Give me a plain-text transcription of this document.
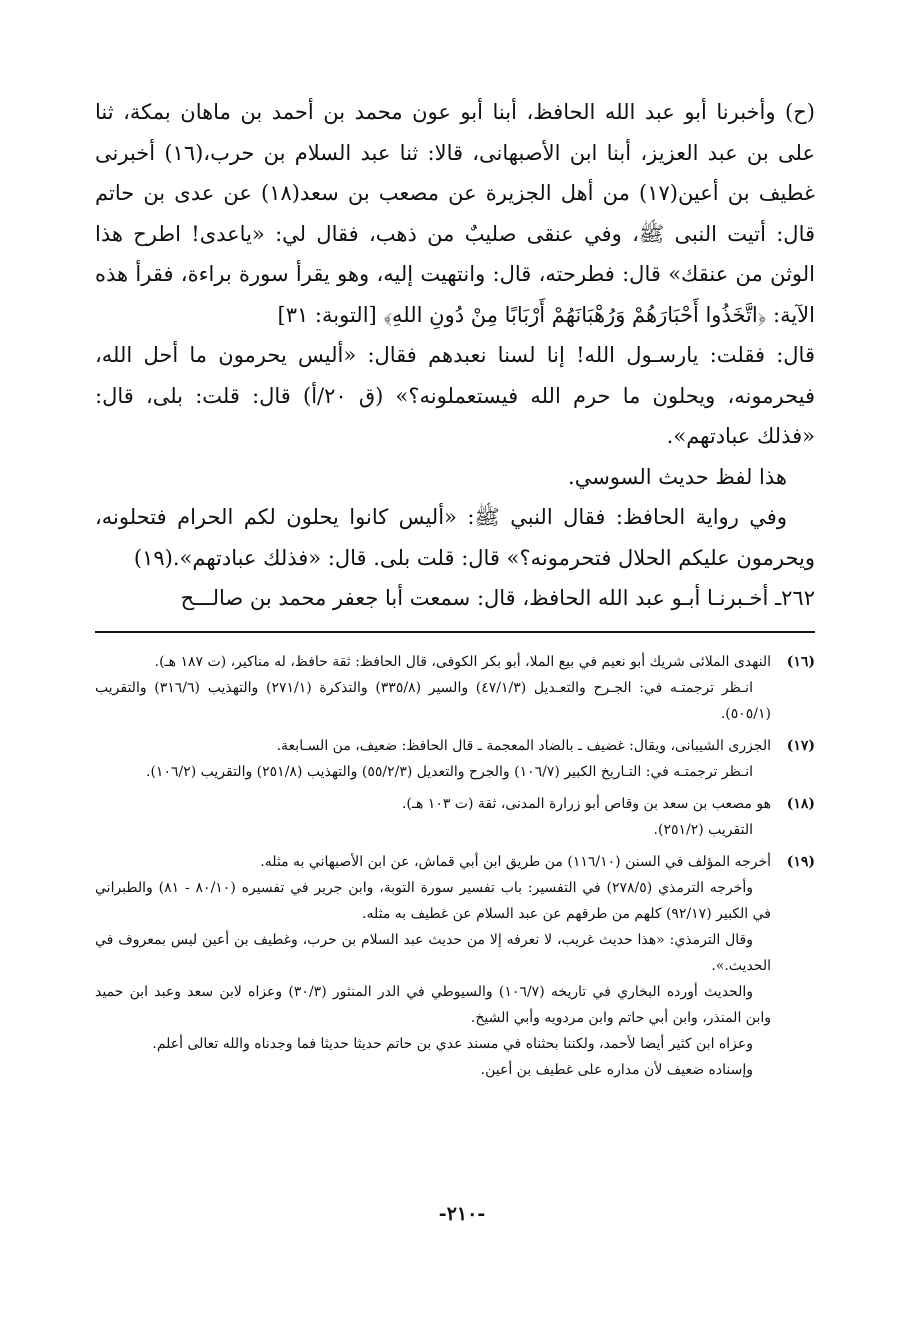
(ح) وأخبرنا أبو عبد الله الحافظ، أبنا أبو عون محمد بن أحمد بن ماهان بمكة، ثنا على بن عبد العزيز، أبنا ابن الأصبهانى، قالا: ثنا عبد السلام بن حرب،(١٦) أخبرنى غطيف بن أعين(١٧) من أهل الجزيرة عن مصعب بن سعد(١٨) عن عدى بن حاتم قال: أتيت النبى ﷺ، وفي عنقى صليبٌ من ذهب، فقال لي: «ياعدى! اطرح هذا الوثن من عنقك» قال: فطرحته، قال: وانتهيت إليه، وهو يقرأ سورة براءة، فقرأ هذه الآية: ﴿اتَّخَذُوا أَحْبَارَهُمْ وَرُهْبَانَهُمْ أَرْبَابًا مِنْ دُونِ اللهِ﴾ [التوبة: ٣١]

قال: فقلت: يارسـول الله! إنا لسنا نعبدهم فقال: «أليس يحرمون ما أحل الله، فيحرمونه، ويحلون ما حرم الله فيستعملونه؟» (ق ٢٠/أ) قال: قلت: بلى، قال: «فذلك عبادتهم».

هذا لفظ حديث السوسي.

وفي رواية الحافظ: فقال النبي ﷺ: «أليس كانوا يحلون لكم الحرام فتحلونه، ويحرمون عليكم الحلال فتحرمونه؟» قال: قلت بلى. قال: «فذلك عبادتهم».(١٩)

٢٦٢ـ أخـبرنـا أبـو عبد الله الحافظ، قال: سمعت أبا جعفر محمد بن صالـــح

(١٦)

النهدى الملائى شريك أبو نعيم في بيع الملا، أبو بكر الكوفى، قال الحافظ: ثقة حافظ، له مناكير، (ت ١٨٧ هـ).

انـظر ترجمتـه في: الجـرح والتعـديل (٤٧/١/٣) والسير (٣٣٥/٨) والتذكرة (٢٧١/١) والتهذيب (٣١٦/٦) والتقريب (٥٠٥/١).

(١٧)

الجزرى الشيبانى، ويقال: غضيف ـ بالضاد المعجمة ـ قال الحافظ: ضعيف، من السـابعة.

انـظر ترجمتـه في: التـاريخ الكبير (١٠٦/٧) والجرح والتعديل (٥٥/٢/٣) والتهذيب (٢٥١/٨) والتقريب (١٠٦/٢).

(١٨)

هو مصعب بن سعد بن وقاص أبو زرارة المدنى، ثقة (ت ١٠٣ هـ).

التقريب (٢٥١/٢).

(١٩)

أخرجه المؤلف في السنن (١١٦/١٠) من طريق ابن أبي قماش، عن ابن الأصبهاني به مثله.

وأخرجه الترمذي (٢٧٨/٥) في التفسير: باب تفسير سورة التوبة، وابن جرير في تفسيره (٨٠/١٠ - ٨١) والطبراني في الكبير (٩٢/١٧) كلهم من طرقهم عن عبد السلام عن غطيف به مثله.

وقال الترمذي: «هذا حديث غريب، لا نعرفه إلا من حديث عبد السلام بن حرب، وغطيف بن أعين ليس بمعروف في الحديث.».

والحديث أورده البخاري في تاريخه (١٠٦/٧) والسيوطي في الدر المنثور (٣٠/٣) وعزاه لابن سعد وعبد ابن حميد وابن المنذر، وابن أبي حاتم وابن مردويه وأبي الشيخ.

وعزاه ابن كثير أيضا لأحمد، ولكننا بحثناه في مسند عدي بن حاتم حديثا حديثا فما وجدناه والله تعالى أعلم.

وإسناده ضعيف لأن مداره على غطيف بن أعين.

-٢١٠-
